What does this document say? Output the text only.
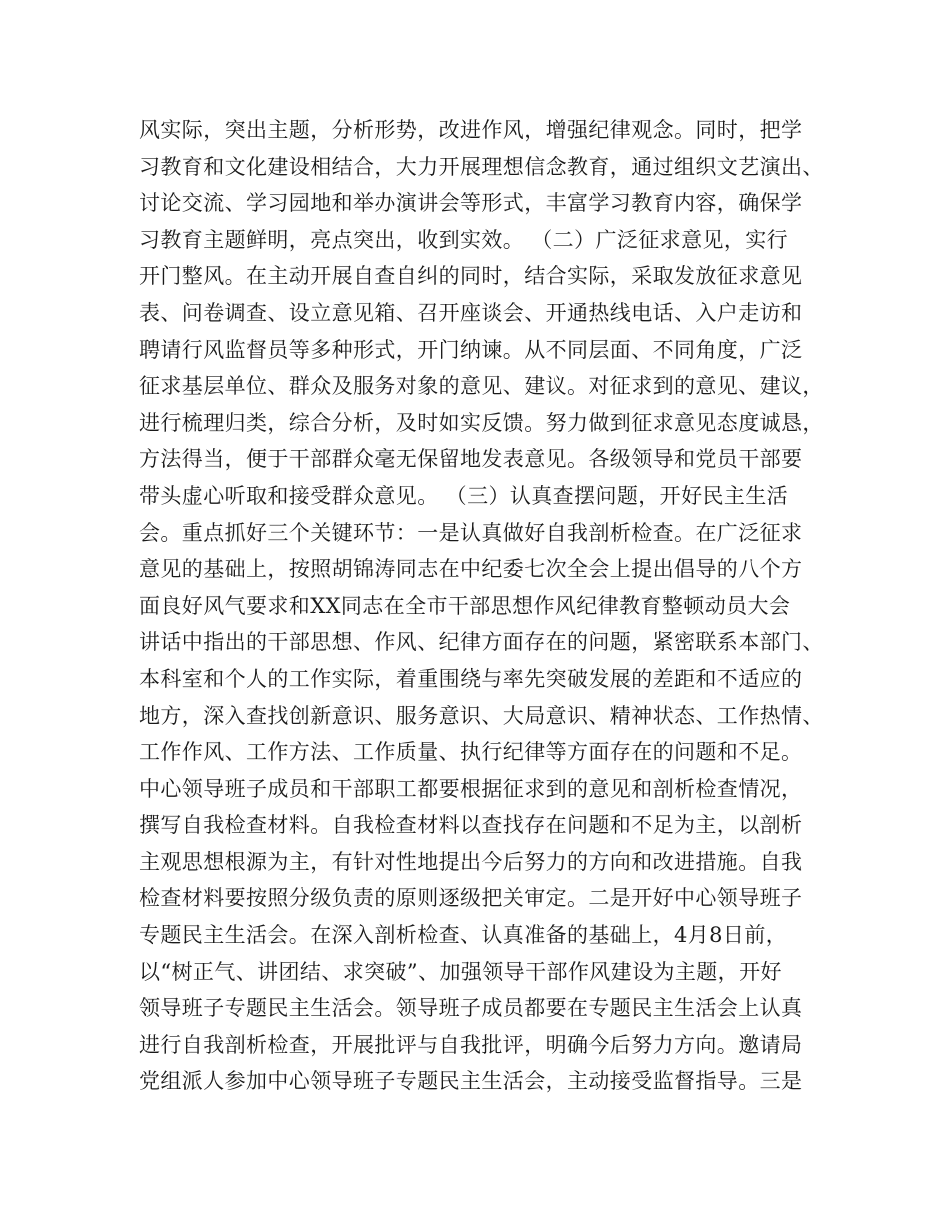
风实际，突出主题，分析形势，改进作风，增强纪律观念。同时，把学
习教育和文化建设相结合，大力开展理想信念教育，通过组织文艺演出、
讨论交流、学习园地和举办演讲会等形式，丰富学习教育内容，确保学
习教育主题鲜明，亮点突出，收到实效。 （二）广泛征求意见，实行
开门整风。在主动开展自查自纠的同时，结合实际，采取发放征求意见
表、问卷调查、设立意见箱、召开座谈会、开通热线电话、入户走访和
聘请行风监督员等多种形式，开门纳谏。从不同层面、不同角度，广泛
征求基层单位、群众及服务对象的意见、建议。对征求到的意见、建议，
进行梳理归类，综合分析，及时如实反馈。努力做到征求意见态度诚恳，
方法得当，便于干部群众毫无保留地发表意见。各级领导和党员干部要
带头虚心听取和接受群众意见。 （三）认真查摆问题，开好民主生活
会。重点抓好三个关键环节：一是认真做好自我剖析检查。在广泛征求
意见的基础上，按照胡锦涛同志在中纪委七次全会上提出倡导的八个方
面良好风气要求和XX同志在全市干部思想作风纪律教育整顿动员大会
讲话中指出的干部思想、作风、纪律方面存在的问题，紧密联系本部门、
本科室和个人的工作实际，着重围绕与率先突破发展的差距和不适应的
地方，深入查找创新意识、服务意识、大局意识、精神状态、工作热情、
工作作风、工作方法、工作质量、执行纪律等方面存在的问题和不足。
中心领导班子成员和干部职工都要根据征求到的意见和剖析检查情况，
撰写自我检查材料。自我检查材料以查找存在问题和不足为主，以剖析
主观思想根源为主，有针对性地提出今后努力的方向和改进措施。自我
检查材料要按照分级负责的原则逐级把关审定。二是开好中心领导班子
专题民主生活会。在深入剖析检查、认真准备的基础上，4月8日前，
以“树正气、讲团结、求突破”、加强领导干部作风建设为主题，开好
领导班子专题民主生活会。领导班子成员都要在专题民主生活会上认真
进行自我剖析检查，开展批评与自我批评，明确今后努力方向。邀请局
党组派人参加中心领导班子专题民主生活会，主动接受监督指导。三是
